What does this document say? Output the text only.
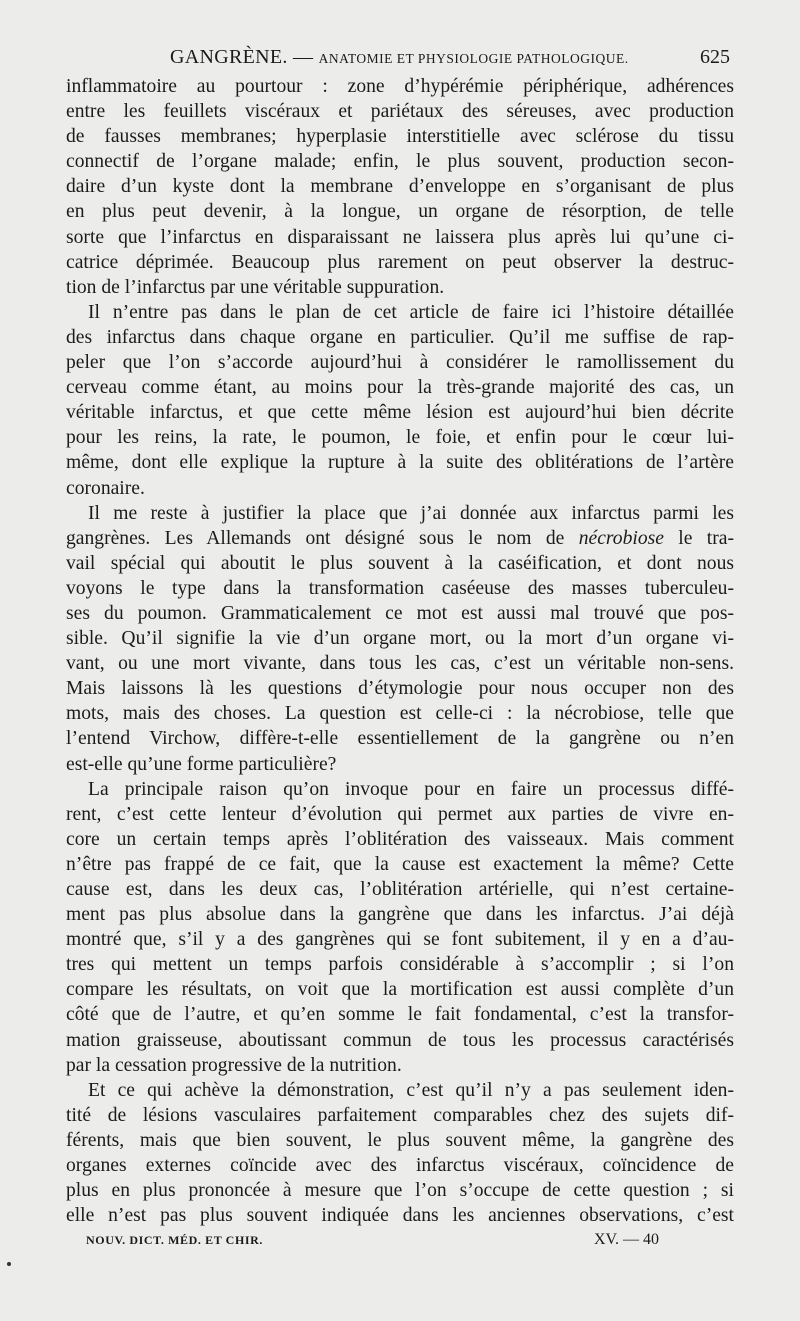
GANGRÈNE. — ANATOMIE ET PHYSIOLOGIE PATHOLOGIQUE.	625
inflammatoire au pourtour : zone d’hypérémie périphérique, adhérences
entre les feuillets viscéraux et pariétaux des séreuses, avec production
de fausses membranes; hyperplasie interstitielle avec sclérose du tissu
connectif de l’organe malade; enfin, le plus souvent, production secon-
daire d’un kyste dont la membrane d’enveloppe en s’organisant de plus
en plus peut devenir, à la longue, un organe de résorption, de telle
sorte que l’infarctus en disparaissant ne laissera plus après lui qu’une ci-
catrice déprimée. Beaucoup plus rarement on peut observer la destruc-
tion de l’infarctus par une véritable suppuration.
Il n’entre pas dans le plan de cet article de faire ici l’histoire détaillée
des infarctus dans chaque organe en particulier. Qu’il me suffise de rap-
peler que l’on s’accorde aujourd’hui à considérer le ramollissement du
cerveau comme étant, au moins pour la très-grande majorité des cas, un
véritable infarctus, et que cette même lésion est aujourd’hui bien décrite
pour les reins, la rate, le poumon, le foie, et enfin pour le cœur lui-
même, dont elle explique la rupture à la suite des oblitérations de l’artère
coronaire.
Il me reste à justifier la place que j’ai donnée aux infarctus parmi les
gangrènes. Les Allemands ont désigné sous le nom de nécrobiose le tra-
vail spécial qui aboutit le plus souvent à la caséification, et dont nous
voyons le type dans la transformation caséeuse des masses tuberculeu-
ses du poumon. Grammaticalement ce mot est aussi mal trouvé que pos-
sible. Qu’il signifie la vie d’un organe mort, ou la mort d’un organe vi-
vant, ou une mort vivante, dans tous les cas, c’est un véritable non-sens.
Mais laissons là les questions d’étymologie pour nous occuper non des
mots, mais des choses. La question est celle-ci : la nécrobiose, telle que
l’entend Virchow, diffère-t-elle essentiellement de la gangrène ou n’en
est-elle qu’une forme particulière?
La principale raison qu’on invoque pour en faire un processus diffé-
rent, c’est cette lenteur d’évolution qui permet aux parties de vivre en-
core un certain temps après l’oblitération des vaisseaux. Mais comment
n’être pas frappé de ce fait, que la cause est exactement la même? Cette
cause est, dans les deux cas, l’oblitération artérielle, qui n’est certaine-
ment pas plus absolue dans la gangrène que dans les infarctus. J’ai déjà
montré que, s’il y a des gangrènes qui se font subitement, il y en a d’au-
tres qui mettent un temps parfois considérable à s’accomplir ; si l’on
compare les résultats, on voit que la mortification est aussi complète d’un
côté que de l’autre, et qu’en somme le fait fondamental, c’est la transfor-
mation graisseuse, aboutissant commun de tous les processus caractérisés
par la cessation progressive de la nutrition.
Et ce qui achève la démonstration, c’est qu’il n’y a pas seulement iden-
tité de lésions vasculaires parfaitement comparables chez des sujets dif-
férents, mais que bien souvent, le plus souvent même, la gangrène des
organes externes coïncide avec des infarctus viscéraux, coïncidence de
plus en plus prononcée à mesure que l’on s’occupe de cette question ; si
elle n’est pas plus souvent indiquée dans les anciennes observations, c’est
NOUV. DICT. MÉD. ET CHIR.	XV. — 40
